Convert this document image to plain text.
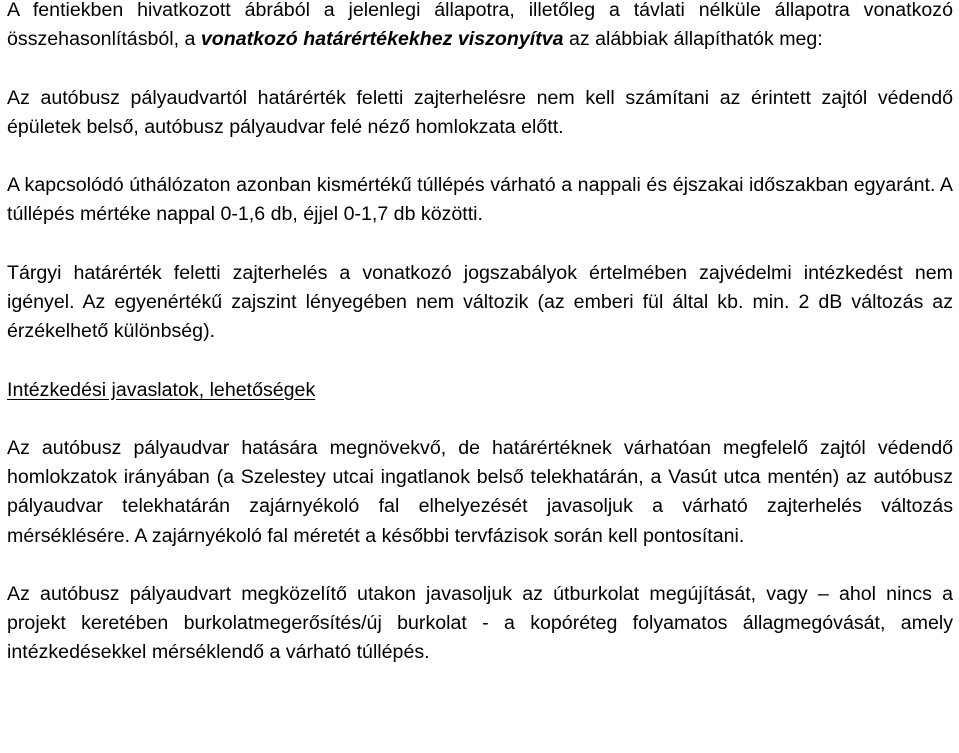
A fentiekben hivatkozott ábrából a jelenlegi állapotra, illetőleg a távlati nélküle állapotra vonatkozó összehasonlításból, a vonatkozó határértékekhez viszonyítva az alábbiak állapíthatók meg:

Az autóbusz pályaudvartól határérték feletti zajterhelésre nem kell számítani az érintett zajtól védendő épületek belső, autóbusz pályaudvar felé néző homlokzata előtt.

A kapcsolódó úthálózaton azonban kismértékű túllépés várható a nappali és éjszakai időszakban egyaránt. A túllépés mértéke nappal 0-1,6 db, éjjel 0-1,7 db közötti.

Tárgyi határérték feletti zajterhelés a vonatkozó jogszabályok értelmében zajvédelmi intézkedést nem igényel. Az egyenértékű zajszint lényegében nem változik (az emberi fül által kb. min. 2 dB változás az érzékelhető különbség).

Intézkedési javaslatok, lehetőségek

Az autóbusz pályaudvar hatására megnövekvő, de határértéknek várhatóan megfelelő zajtól védendő homlokzatok irányában (a Szelestey utcai ingatlanok belső telekhatárán, a Vasút utca mentén) az autóbusz pályaudvar telekhatárán zajárnyékoló fal elhelyezését javasoljuk a várható zajterhelés változás mérséklésére. A zajárnyékoló fal méretét a későbbi tervfázisok során kell pontosítani.

Az autóbusz pályaudvart megközelítő utakon javasoljuk az útburkolat megújítását, vagy – ahol nincs a projekt keretében burkolatmegerősítés/új burkolat - a kopóréteg folyamatos állagmegóvását, amely intézkedésekkel mérséklendő a várható túllépés.
